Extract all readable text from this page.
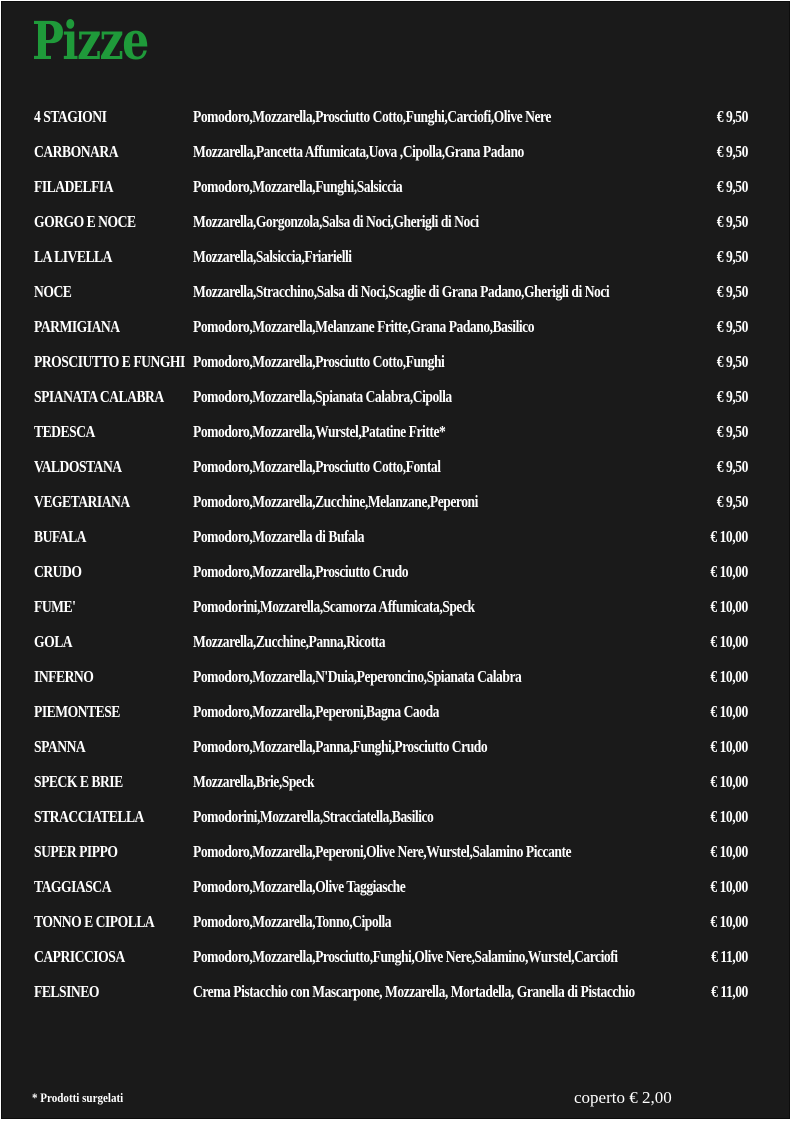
Pizze
4 STAGIONI	Pomodoro,Mozzarella,Prosciutto Cotto,Funghi,Carciofi,Olive Nere	€ 9,50
CARBONARA	Mozzarella,Pancetta Affumicata,Uova ,Cipolla,Grana Padano	€ 9,50
FILADELFIA	Pomodoro,Mozzarella,Funghi,Salsiccia	€ 9,50
GORGO E NOCE	Mozzarella,Gorgonzola,Salsa di Noci,Gherigli di Noci	€ 9,50
LA LIVELLA	Mozzarella,Salsiccia,Friarielli	€ 9,50
NOCE	Mozzarella,Stracchino,Salsa di Noci,Scaglie di Grana Padano,Gherigli di Noci	€ 9,50
PARMIGIANA	Pomodoro,Mozzarella,Melanzane Fritte,Grana Padano,Basilico	€ 9,50
PROSCIUTTO E FUNGHI Pomodoro,Mozzarella,Prosciutto Cotto,Funghi	€ 9,50
SPIANATA CALABRA Pomodoro,Mozzarella,Spianata Calabra,Cipolla	€ 9,50
TEDESCA	Pomodoro,Mozzarella,Wurstel,Patatine Fritte*	€ 9,50
VALDOSTANA	Pomodoro,Mozzarella,Prosciutto Cotto,Fontal	€ 9,50
VEGETARIANA	Pomodoro,Mozzarella,Zucchine,Melanzane,Peperoni	€ 9,50
BUFALA	Pomodoro,Mozzarella di Bufala	€ 10,00
CRUDO	Pomodoro,Mozzarella,Prosciutto Crudo	€ 10,00
FUME'	Pomodorini,Mozzarella,Scamorza Affumicata,Speck	€ 10,00
GOLA	Mozzarella,Zucchine,Panna,Ricotta	€ 10,00
INFERNO	Pomodoro,Mozzarella,N'Duia,Peperoncino,Spianata Calabra	€ 10,00
PIEMONTESE	Pomodoro,Mozzarella,Peperoni,Bagna Caoda	€ 10,00
SPANNA	Pomodoro,Mozzarella,Panna,Funghi,Prosciutto Crudo	€ 10,00
SPECK E BRIE	Mozzarella,Brie,Speck	€ 10,00
STRACCIATELLA	Pomodorini,Mozzarella,Stracciatella,Basilico	€ 10,00
SUPER PIPPO	Pomodoro,Mozzarella,Peperoni,Olive Nere,Wurstel,Salamino Piccante	€ 10,00
TAGGIASCA	Pomodoro,Mozzarella,Olive Taggiasche	€ 10,00
TONNO E CIPOLLA Pomodoro,Mozzarella,Tonno,Cipolla	€ 10,00
CAPRICCIOSA	Pomodoro,Mozzarella,Prosciutto,Funghi,Olive Nere,Salamino,Wurstel,Carciofi	€ 11,00
FELSINEO	Crema Pistacchio con Mascarpone, Mozzarella, Mortadella, Granella di Pistacchio	€ 11,00
* Prodotti surgelati	coperto € 2,00
